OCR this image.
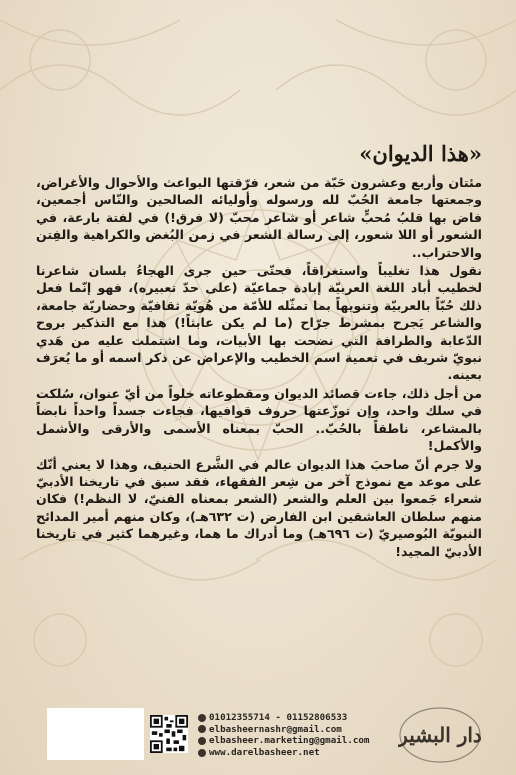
«هذا الديوان»

مئتان وأربع وعشرون حَبّة من شعر، فرّقتها البواعث والأحوال والأغراض، وجمعتها جامعة الحُبّ لله ورسوله وأوليائه الصالحين والنّاس أجمعين، فاض بها قلبُ مُحبٍّ شاعر أو شاعر محبّ (لا فرق!) في لفتة بارعة، في الشعور أو اللا شعور، إلى رسالة الشعر في زمن البُغض والكراهية والفِتن والاحتراب..

نقول هذا تغليباً واستغراقاً، فحتّى حين جرى الهجاءُ بلسان شاعرنا لخطيب أباد اللغة العربيّة إبادة جماعيّة (على حدّ تعبيره)، فهو إنّما فعل ذلك حُبّاً بالعربيّة وتنويهاً بما تمثّله للأمّة من هُويّة ثقافيّة وحضاريّة جامعة، والشاعر يَجرح بمشرط جرّاح (ما لم يكن عابثاً!) هذا مع التذكير بروح الدّعابة والطرافة التي نضحت بها الأبيات، وما اشتملت عليه من هَدي نبويّ شريف في تعمية اسم الخطيب والإعراض عن ذكر اسمه أو ما يُعرَف بعينه.

من أجل ذلك، جاءت قصائد الديوان ومقطوعاته خلواً من أيّ عنوان، سُلكت في سلك واحد، وإن توزّعتها حروف قوافيها، فجاءت جسداً واحداً نابضاً بالمشاعر، ناطقاً بالحُبّ.. الحبّ بمعناه الأسمى والأرقى والأشمل والأكمل!

ولا جرم أنّ صاحبَ هذا الديوان عالم في الشَّرع الحنيف، وهذا لا يعني أنّك على موعد مع نموذج آخر من شِعر الفقهاء، فقد سبق في تاريخنا الأدبيّ شعراء جَمعوا بين العلم والشعر (الشعر بمعناه الفنيّ، لا النظم!) فكان منهم سلطان العاشقين ابن الفارض (ت ٦٣٢هـ)، وكان منهم أمير المدائح النبويّة البُوصيريّ (ت ٦٩٦هـ) وما أدراك ما هما، وغيرهما كثير في تاريخنا الأدبيّ المجيد!

01012355714 - 01152806533
elbasheernashr@gmail.com
elbasheer.marketing@gmail.com
www.darelbasheer.net
دار البشير
